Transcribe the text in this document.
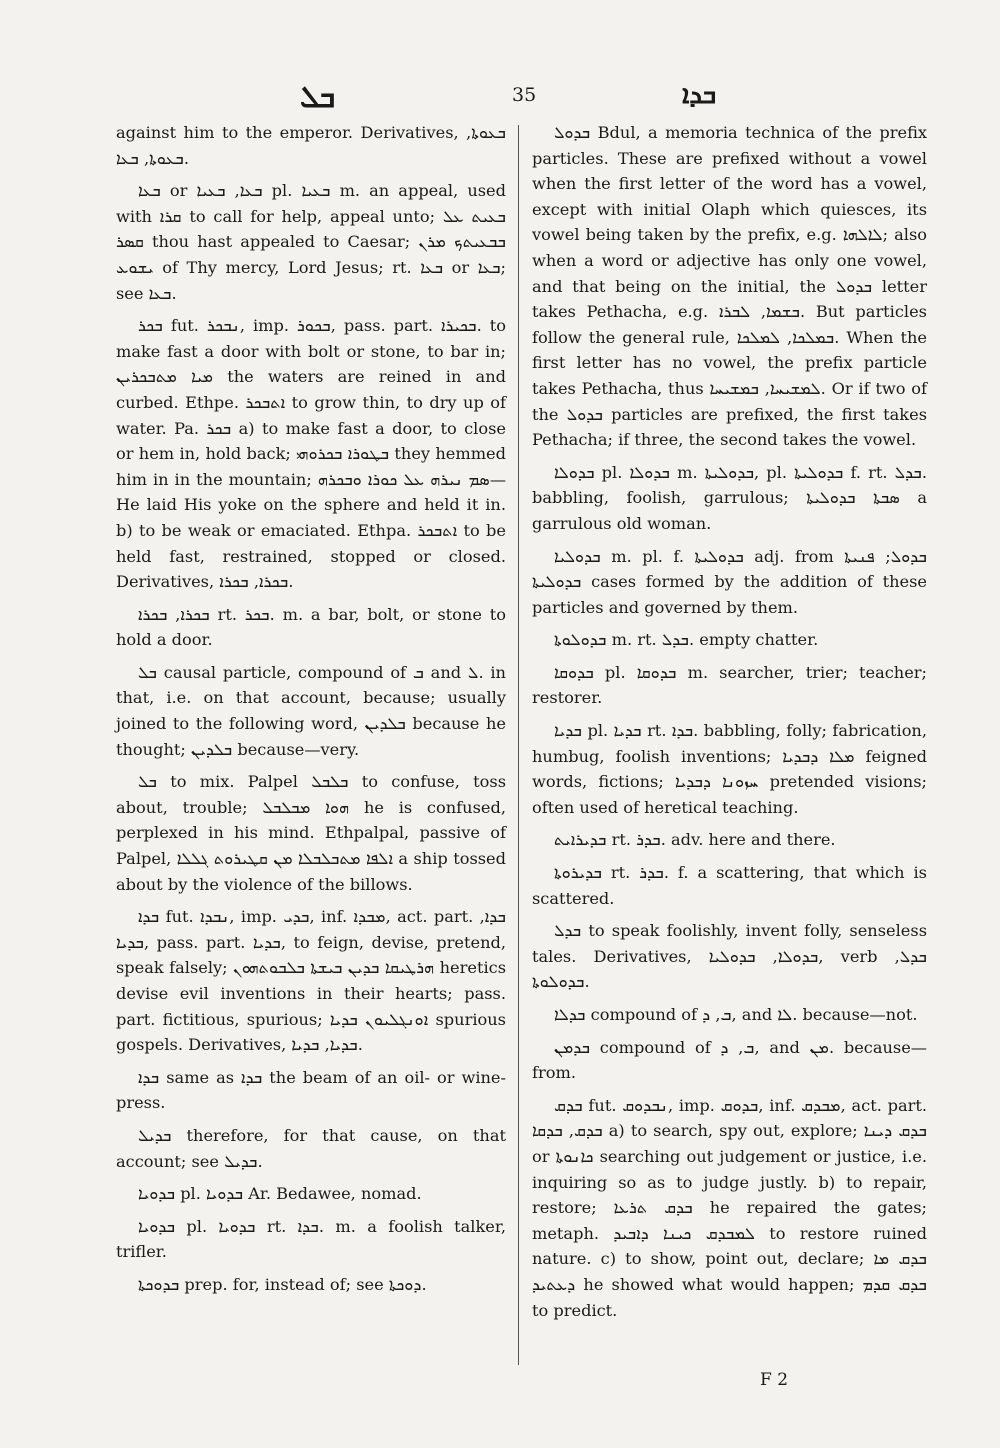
ܒܠ	35	ܒܕܐ

against him to the emperor. Derivatives, ܒܥܘܬܐ, ܒܥܘܬܐ, ܒܥܐ.

ܒܥܐ or ܒܥܐ, ܒܥܝܐ pl. ܒܥܝܐ m. an appeal, used with ܩܪܐ to call for help, appeal unto; ܒܥܝܬ ܥܠ ܩܣܪ thou hast appealed to Caesar; ܒܒܥܝܬܟ ܡܪܢ ܝܫܘܥ of Thy mercy, Lord Jesus; rt. ܒܥܐ or ܒܥܐ; see ܒܥܐ.

ܒܟܪ fut. ܢܒܟܪ, imp. ܒܟܘܪ, pass. part. ܒܟܝܪܐ. to make fast a door with bolt or stone, to bar in; ܡܝܐ ܡܬܒܟܪܝܢ the waters are reined in and curbed. Ethpe. ܐܬܒܟܪ to grow thin, to dry up of water. Pa. ܒܟܪ a) to make fast a door, to close or hem in, hold back; ܒܛܘܪܐ ܒܟܪܘܗܝ they hemmed him in in the mountain; ܣܡ ܢܝܪܗ ܥܠ ܟܘܪܐ ܘܒܟܪܗ—He laid His yoke on the sphere and held it in. b) to be weak or emaciated. Ethpa. ܐܬܒܟܪ to be held fast, restrained, stopped or closed. Derivatives, ܒܟܪܐ, ܒܟܪܐ.

ܒܟܪܐ, ܒܟܪܐ rt. ܒܟܪ. m. a bar, bolt, or stone to hold a door.

ܒܠ causal particle, compound of ܒ and ܠ. in that, i.e. on that account, because; usually joined to the following word, ܒܠܕܝܢ because he thought; ܒܠܕܝܢ because—very.

ܒܠ to mix. Palpel ܒܠܒܠ to confuse, toss about, trouble; ܗܘܐ ܡܒܠܒܠ he is confused, perplexed in his mind. Ethpalpal, passive of Palpel, ܐܠܦܐ ܡܬܒܠܒܠܐ ܡܢ ܩܛܝܪܘܬ ܓܠܠܐ a ship tossed about by the violence of the billows.

ܒܕܐ fut. ܢܒܕܐ, imp. ܒܕܝ, inf. ܡܒܕܐ, act. part. ܒܕܐ, ܒܕܝܐ, pass. part. ܒܕܝܐ, to feign, devise, pretend, speak falsely; ܗܪܛܝܩܐ ܒܕܝܢ ܒܝܫܬܐ ܒܠܒܘܬܗܘܢ heretics devise evil inventions in their hearts; pass. part. fictitious, spurious; ܐܘܢܓܠܝܘܢ ܒܕܝܐ spurious gospels. Derivatives, ܒܕܝܐ, ܒܕܝܐ.

ܒܕܐ same as ܒܕܐ the beam of an oil- or wine-press.

ܒܕܝܠ therefore, for that cause, on that account; see ܒܕܝܠ.

ܒܕܘܝܐ pl. ܒܕܘܝܐ Ar. Bedawee, nomad.

ܒܕܘܝܐ pl. ܒܕܘܝܐ rt. ܒܕܐ. m. a foolish talker, trifler.

ܒܕܘܟܬܐ prep. for, instead of; see ܕܘܟܬܐ.

ܒܕܘܠ Bdul, a memoria technica of the prefix particles. These are prefixed without a vowel when the first letter of the word has a vowel, except with initial Olaph which quiesces, its vowel being taken by the prefix, e.g. ܠܐܠܗܐ; also when a word or adjective has only one vowel, and that being on the initial, the ܒܕܘܠ letter takes Pethacha, e.g. ܒܫܡܐ, ܠܒܪܐ. But particles follow the general rule, ܒܡܠܟܐ, ܠܡܠܟܐ. When the first letter has no vowel, the prefix particle takes Pethacha, thus ܠܡܫܝܚܐ, ܒܡܫܝܚܐ. Or if two of the ܒܕܘܠ particles are prefixed, the first takes Pethacha; if three, the second takes the vowel.

ܒܕܘܠܐ pl. ܒܕܘܠܐ m. ܒܕܘܠܝܬܐ, pl. ܒܕܘܠܝܬܐ f. rt. ܒܕܠ. babbling, foolish, garrulous; ܣܒܬܐ ܒܕܘܠܝܬܐ a garrulous old woman.

ܒܕܘܠܝܐ m. pl. f. ܒܕܘܠܝܬܐ adj. from ܒܕܘܠ; ܦܢܝܬܐ ܒܕܘܠܝܬܐ cases formed by the addition of these particles and governed by them.

ܒܕܘܠܘܬܐ m. rt. ܒܕܠ. empty chatter.

ܒܕܘܩܐ pl. ܒܕܘܩܐ m. searcher, trier; teacher; restorer.

ܒܕܝܐ pl. ܒܕܝܐ rt. ܒܕܐ. babbling, folly; fabrication, humbug, foolish inventions; ܡܠܐ ܕܒܕܝܐ feigned words, fictions; ܚܙܘܢܐ ܕܒܕܝܐ pretended visions; often used of heretical teaching.

ܒܕܝܪܐܝܬ rt. ܒܕܪ. adv. here and there.

ܒܕܝܪܘܬܐ rt. ܒܕܪ. f. a scattering, that which is scattered.

ܒܕܠ to speak foolishly, invent folly, senseless tales. Derivatives, ܒܕܘܠܐ, ܒܕܘܠܝܐ, verb ܒܕܠ, ܒܕܘܠܘܬܐ.

ܒܕܠܐ compound of ܒ, ܕ, and ܠܐ. because—not.

ܒܕܡܢ compound of ܒ, ܕ, and ܡܢ. because—from.

ܒܕܩ fut. ܢܒܕܘܩ, imp. ܒܕܘܩ, inf. ܡܒܕܩ, act. part. ܒܕܩ, ܒܕܩܐ a) to search, spy out, explore; ܒܕܩ ܕܝܢܐ or ܟܐܢܘܬܐ searching out judgement or justice, i.e. inquiring so as to judge justly. b) to repair, restore; ܒܕܩ ܬܪܥܐ he repaired the gates; metaph. ܠܡܒܕܩ ܟܝܢܐ ܕܐܒܝܕ to restore ruined nature. c) to show, point out, declare; ܒܕܩ ܡܐ ܕܥܬܝܕ he showed what would happen; ܒܕܩ ܩܕܡ to predict.

F 2
